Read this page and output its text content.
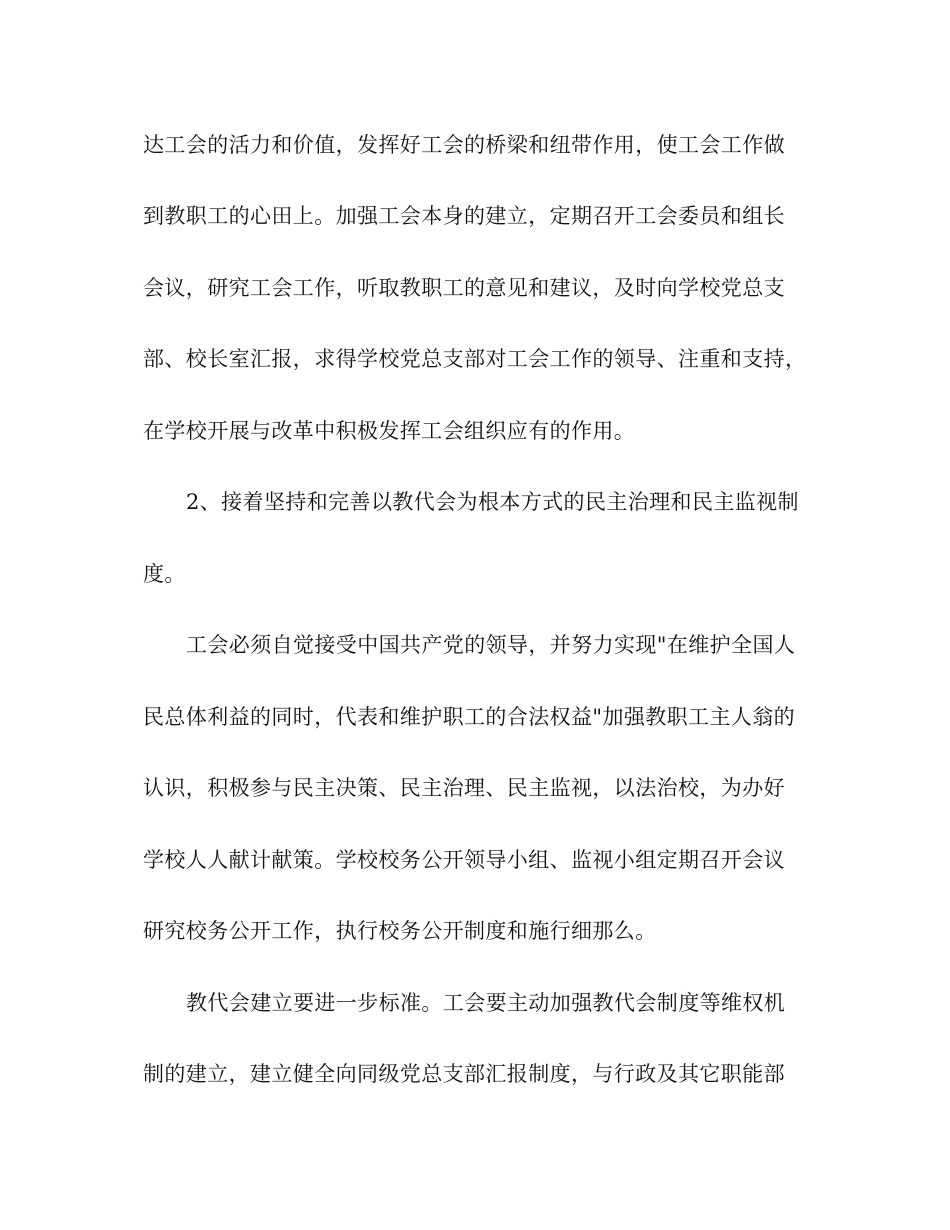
达工会的活力和价值，发挥好工会的桥梁和纽带作用，使工会工作做
到教职工的心田上。加强工会本身的建立，定期召开工会委员和组长
会议，研究工会工作，听取教职工的意见和建议，及时向学校党总支
部、校长室汇报，求得学校党总支部对工会工作的领导、注重和支持，
在学校开展与改革中积极发挥工会组织应有的作用。
2、接着坚持和完善以教代会为根本方式的民主治理和民主监视制
度。
工会必须自觉接受中国共产党的领导，并努力实现"在维护全国人
民总体利益的同时，代表和维护职工的合法权益"加强教职工主人翁的
认识，积极参与民主决策、民主治理、民主监视，以法治校，为办好
学校人人献计献策。学校校务公开领导小组、监视小组定期召开会议
研究校务公开工作，执行校务公开制度和施行细那么。
教代会建立要进一步标准。工会要主动加强教代会制度等维权机
制的建立，建立健全向同级党总支部汇报制度，与行政及其它职能部
